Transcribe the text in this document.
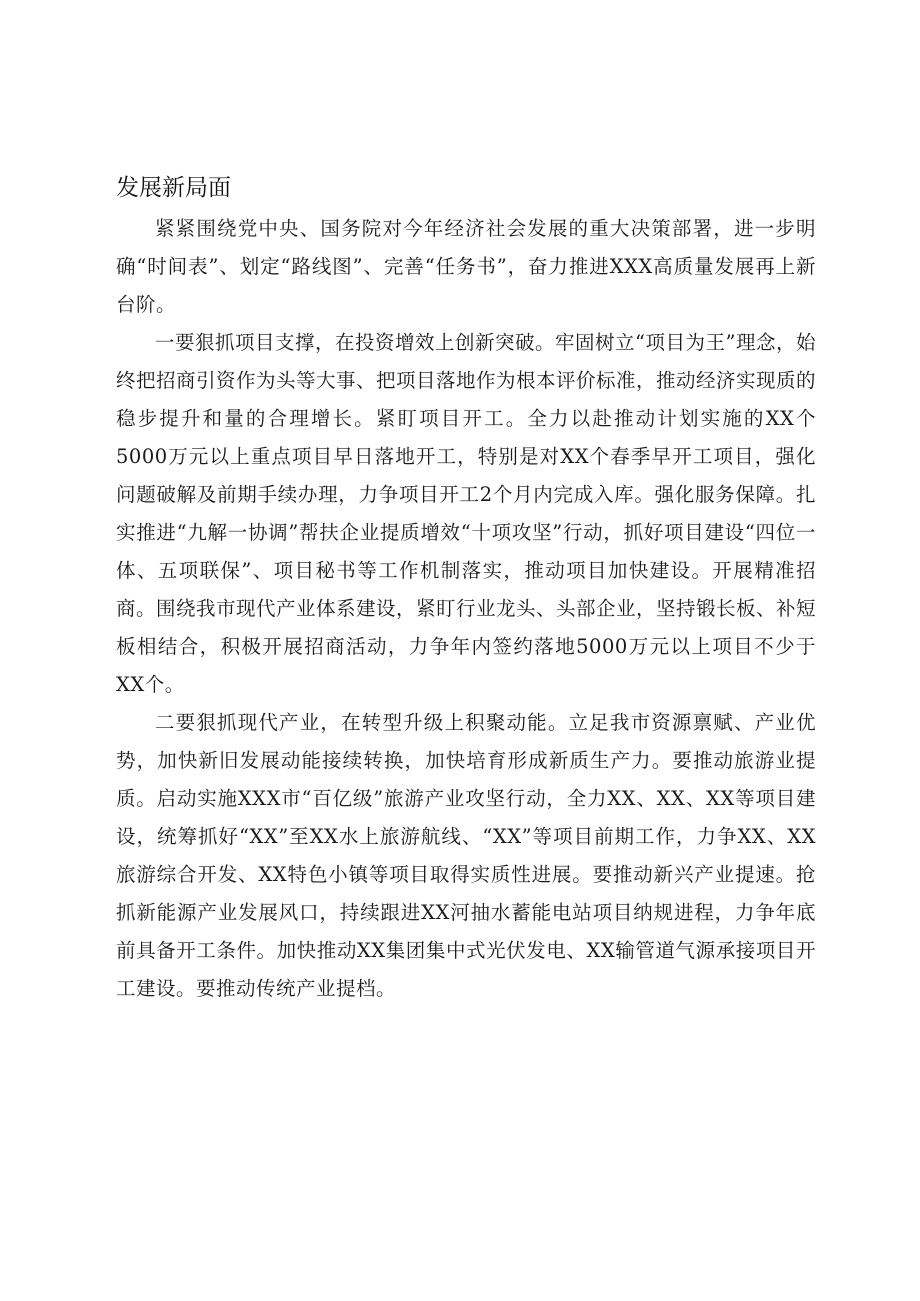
发展新局面

紧紧围绕党中央、国务院对今年经济社会发展的重大决策部署，进一步明确“时间表”、划定“路线图”、完善“任务书”，奋力推进XXX高质量发展再上新台阶。

一要狠抓项目支撑，在投资增效上创新突破。牢固树立“项目为王”理念，始终把招商引资作为头等大事、把项目落地作为根本评价标准，推动经济实现质的稳步提升和量的合理增长。紧盯项目开工。全力以赴推动计划实施的XX个5000万元以上重点项目早日落地开工，特别是对XX个春季早开工项目，强化问题破解及前期手续办理，力争项目开工2个月内完成入库。强化服务保障。扎实推进“九解一协调”帮扶企业提质增效“十项攻坚”行动，抓好项目建设“四位一体、五项联保”、项目秘书等工作机制落实，推动项目加快建设。开展精准招商。围绕我市现代产业体系建设，紧盯行业龙头、头部企业，坚持锻长板、补短板相结合，积极开展招商活动，力争年内签约落地5000万元以上项目不少于XX个。

二要狠抓现代产业，在转型升级上积聚动能。立足我市资源禀赋、产业优势，加快新旧发展动能接续转换，加快培育形成新质生产力。要推动旅游业提质。启动实施XXX市“百亿级”旅游产业攻坚行动，全力XX、XX、XX等项目建设，统筹抓好“XX”至XX水上旅游航线、“XX”等项目前期工作，力争XX、XX旅游综合开发、XX特色小镇等项目取得实质性进展。要推动新兴产业提速。抢抓新能源产业发展风口，持续跟进XX河抽水蓄能电站项目纳规进程，力争年底前具备开工条件。加快推动XX集团集中式光伏发电、XX输管道气源承接项目开工建设。要推动传统产业提档。
